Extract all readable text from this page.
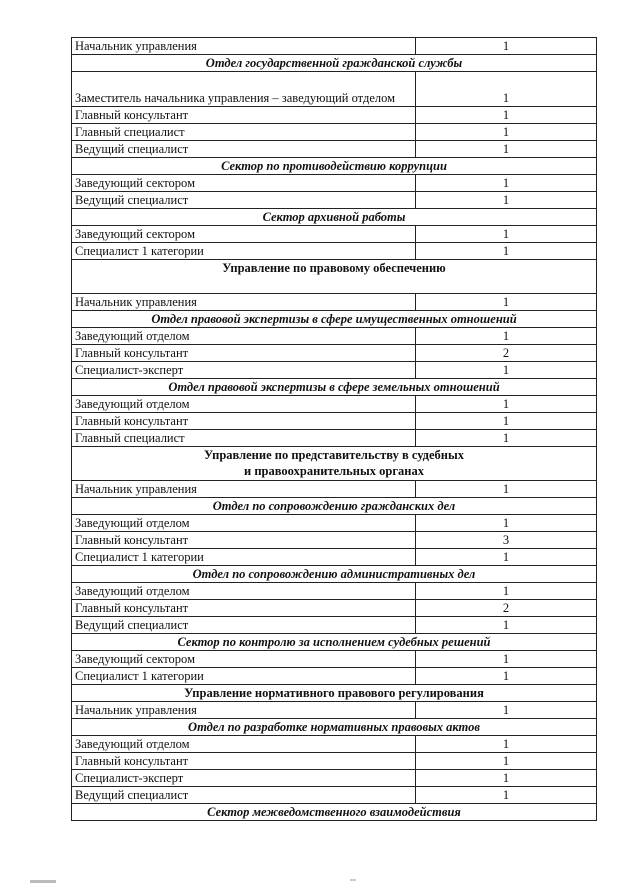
Начальник управления	1
Отдел государственной гражданской службы	
Заместитель начальника управления – заведующий отделом	1
Главный консультант	1
Главный специалист	1
Ведущий специалист	1
Сектор по противодействию коррупции	
Заведующий сектором	1
Ведущий специалист	1
Сектор архивной работы	
Заведующий сектором	1
Специалист 1 категории	1
Управление по правовому обеспечению	
Начальник управления	1
Отдел правовой экспертизы в сфере имущественных отношений	
Заведующий отделом	1
Главный консультант	2
Специалист-эксперт	1
Отдел правовой экспертизы в сфере земельных отношений	
Заведующий отделом	1
Главный консультант	1
Главный специалист	1
Управление по представительству в судебных
и правоохранительных органах	
Начальник управления	1
Отдел по сопровождению гражданских дел	
Заведующий отделом	1
Главный консультант	3
Специалист 1 категории	1
Отдел по сопровождению административных дел	
Заведующий отделом	1
Главный консультант	2
Ведущий специалист	1
Сектор по контролю за исполнением судебных решений	
Заведующий сектором	1
Специалист 1 категории	1
Управление нормативного правового регулирования	
Начальник управления	1
Отдел по разработке нормативных правовых актов	
Заведующий отделом	1
Главный консультант	1
Специалист-эксперт	1
Ведущий специалист	1
Сектор межведомственного взаимодействия	
